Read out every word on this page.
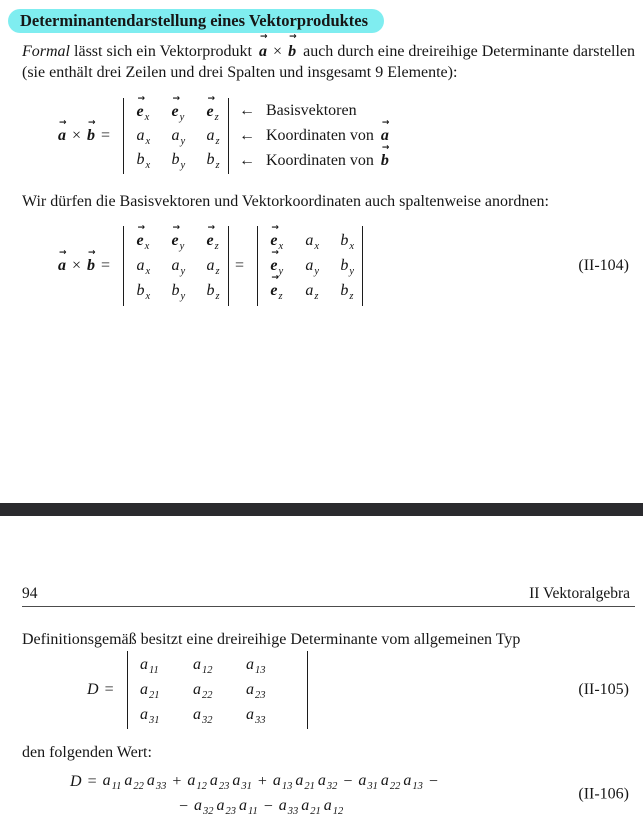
Determinantendarstellung eines Vektorproduktes

Formal lässt sich ein Vektorprodukt a → × b → auch durch eine dreireihige Determinante darstellen (sie enthält drei Zeilen und drei Spalten und insgesamt 9 Elemente):

a → × b → =
$e \to_x$	$e \to_y$	$e \to_z$
$a_x$	$a_y$	$a_z$
$b_x$	$b_y$	$b_z$
← Basisvektoren
← Koordinaten von a →
← Koordinaten von b →

Wir dürfen die Basisvektoren und Vektorkoordinaten auch spaltenweise anordnen:

a → × b → =
$e \to_x$	$e \to_y$	$e \to_z$
$a_x$	$a_y$	$a_z$
$b_x$	$b_y$	$b_z$
=
$e \to_x$	$a_x$	$b_x$
$e \to_y$	$a_y$	$b_y$
$e \to_z$	$a_z$	$b_z$
(II-104)
94	II Vektoralgebra

Definitionsgemäß besitzt eine dreireihige Determinante vom allgemeinen Typ

D =
$a_{11}$	$a_{12}$	$a_{13}$
$a_{21}$	$a_{22}$	$a_{23}$
$a_{31}$	$a_{32}$	$a_{33}$
(II-105)

den folgenden Wert:

$D = a_{11}$ $a_{22}$ $a_{33} + a_{12}$ $a_{23}$ $a_{31} + a_{13}$ $a_{21}$ $a_{32} - a_{31}$ $a_{22}$ $a_{13}$ −
− $a_{32}$ $a_{23}$ $a_{11} - a_{33}$ $a_{21}$ $a_{12}$
(II-106)
